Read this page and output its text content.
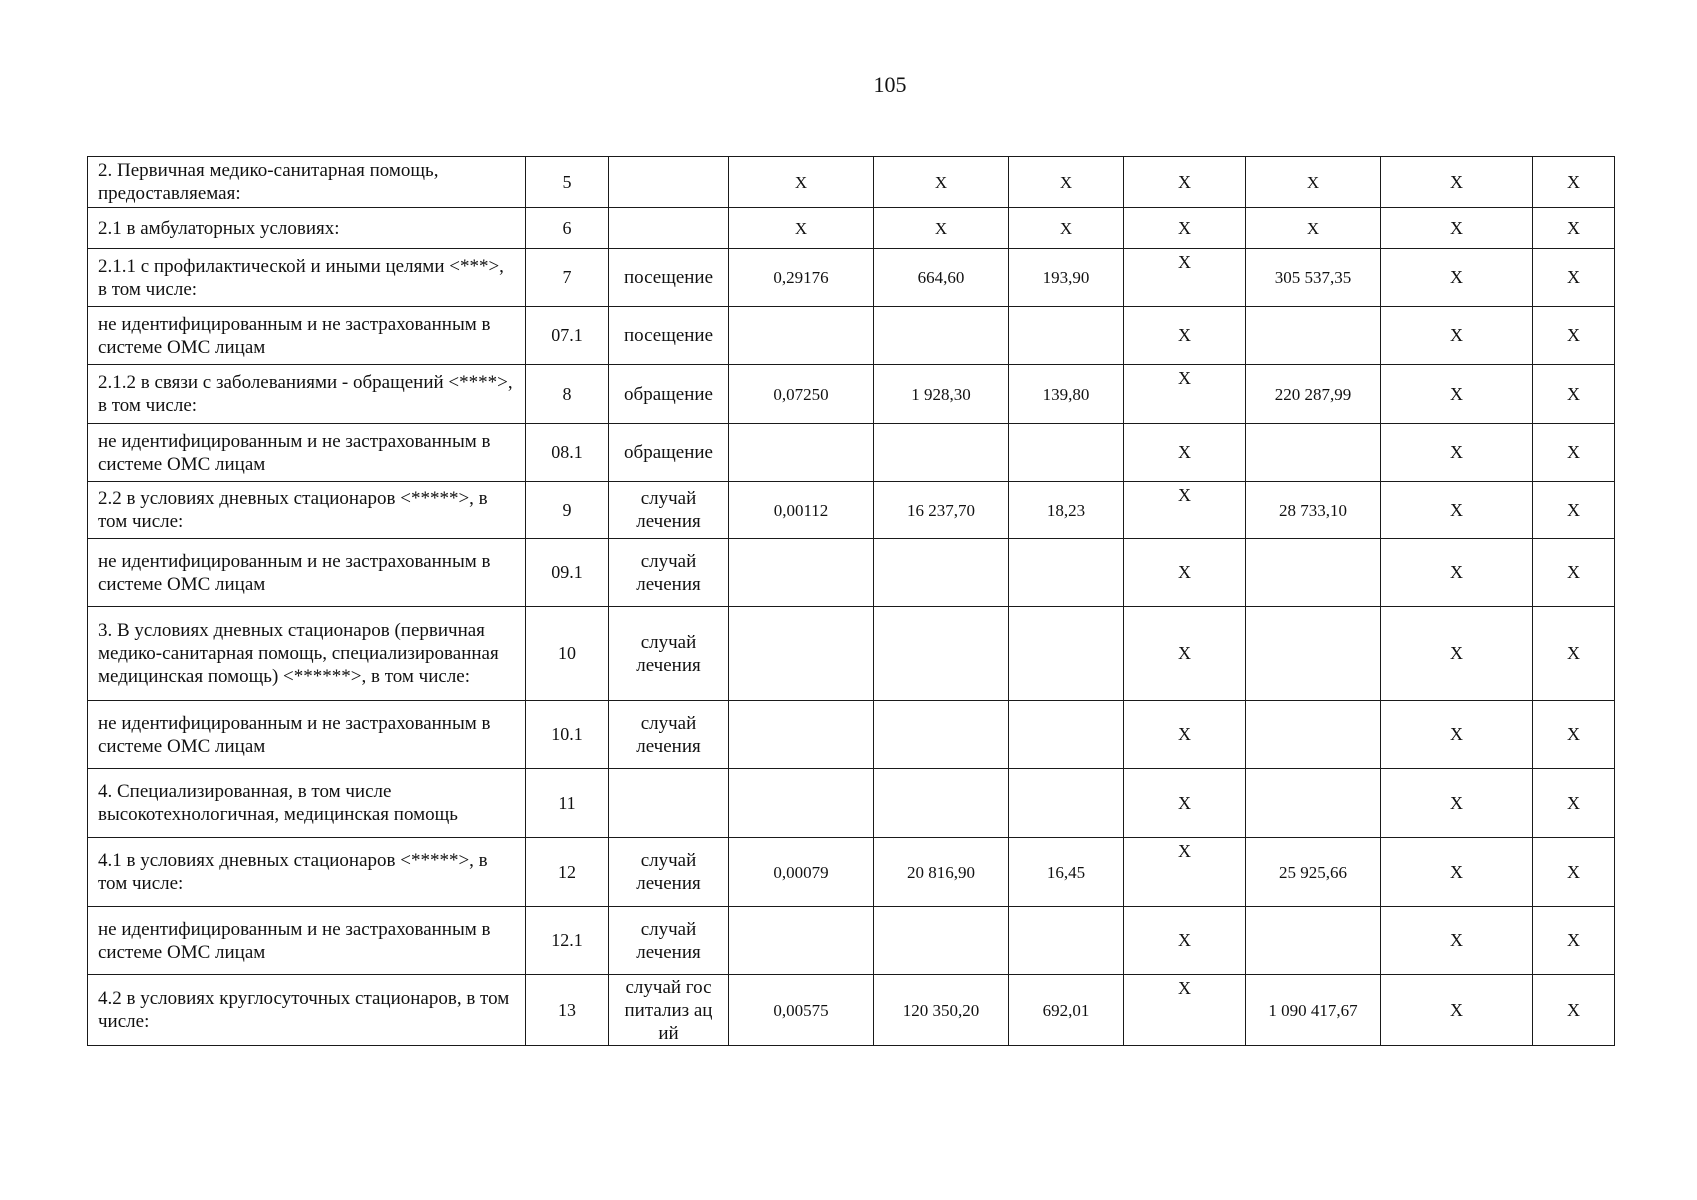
105
2. Первичная медико-санитарная помощь, предоставляемая:	5		X	X	X	X	X	X	X
2.1 в амбулаторных условиях:	6		X	X	X	X	X	X	X
2.1.1 с профилактической и иными целями <***>, в том числе:	7	посещение	0,29176	664,60	193,90	X	305 537,35	X	X
не идентифицированным и не застрахованным в системе ОМС лицам	07.1	посещение				X		X	X
2.1.2 в связи с заболеваниями - обращений <****>, в том числе:	8	обращение	0,07250	1 928,30	139,80	X	220 287,99	X	X
не идентифицированным и не застрахованным в системе ОМС лицам	08.1	обращение				X		X	X
2.2 в условиях дневных стационаров <*****>, в том числе:	9	случай лечения	0,00112	16 237,70	18,23	X	28 733,10	X	X
не идентифицированным и не застрахованным в системе ОМС лицам	09.1	случай лечения				X		X	X
3. В условиях дневных стационаров (первичная медико-санитарная помощь, специализированная медицинская помощь) <******>, в том числе:	10	случай лечения				X		X	X
не идентифицированным и не застрахованным в системе ОМС лицам	10.1	случай лечения				X		X	X
4. Специализированная, в том числе высокотехнологичная, медицинская помощь	11					X		X	X
4.1 в условиях дневных стационаров <*****>, в том числе:	12	случай лечения	0,00079	20 816,90	16,45	X	25 925,66	X	X
не идентифицированным и не застрахованным в системе ОМС лицам	12.1	случай лечения				X		X	X
4.2 в условиях круглосуточных стационаров, в том числе:	13	случай госпитализ аций	0,00575	120 350,20	692,01	X	1 090 417,67	X	X
